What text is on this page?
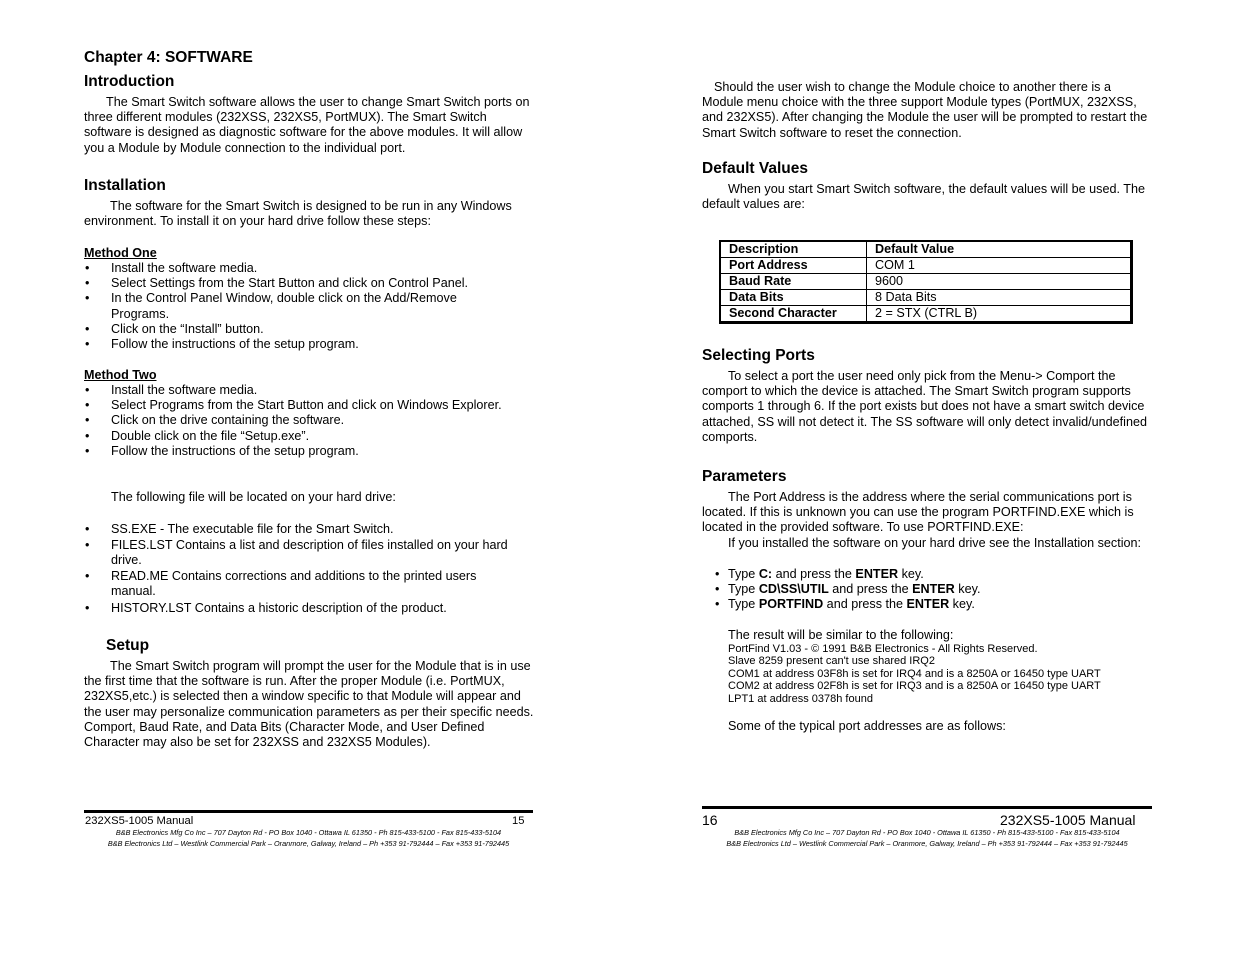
Chapter 4: SOFTWARE
Introduction

The Smart Switch software allows the user to change Smart Switch ports on three different modules (232XSS, 232XS5, PortMUX). The Smart Switch software is designed as diagnostic software for the above modules. It will allow you a Module by Module connection to the individual port.

Installation

The software for the Smart Switch is designed to be run in any Windows environment. To install it on your hard drive follow these steps:

Method One
• Install the software media.
• Select Settings from the Start Button and click on Control Panel.
• In the Control Panel Window, double click on the Add/Remove Programs.
• Click on the “Install” button.
• Follow the instructions of the setup program.
Method Two
• Install the software media.
• Select Programs from the Start Button and click on Windows Explorer.
• Click on the drive containing the software.
• Double click on the file “Setup.exe”.
• Follow the instructions of the setup program.

The following file will be located on your hard drive:

• SS.EXE - The executable file for the Smart Switch.
• FILES.LST Contains a list and description of files installed on your hard drive.
• READ.ME Contains corrections and additions to the printed users manual.
• HISTORY.LST Contains a historic description of the product.
Setup

The Smart Switch program will prompt the user for the Module that is in use the first time that the software is run. After the proper Module (i.e. PortMUX, 232XS5,etc.) is selected then a window specific to that Module will appear and the user may personalize communication parameters as per their specific needs. Comport, Baud Rate, and Data Bits (Character Mode, and User Defined Character may also be set for 232XSS and 232XS5 Modules).

232XS5-1005 Manual	15
B&B Electronics Mfg Co Inc – 707 Dayton Rd - PO Box 1040 - Ottawa IL 61350 - Ph 815-433-5100 - Fax 815-433-5104
B&B Electronics Ltd – Westlink Commercial Park – Oranmore, Galway, Ireland – Ph +353 91-792444 – Fax +353 91-792445

Should the user wish to change the Module choice to another there is a Module menu choice with the three support Module types (PortMUX, 232XSS, and 232XS5). After changing the Module the user will be prompted to restart the Smart Switch software to reset the connection.

Default Values

When you start Smart Switch software, the default values will be used. The default values are:

Description	Default Value
Port Address	COM 1
Baud Rate	9600
Data Bits	8 Data Bits
Second Character	2 = STX (CTRL B)
Selecting Ports

To select a port the user need only pick from the Menu-> Comport the comport to which the device is attached. The Smart Switch program supports comports 1 through 6. If the port exists but does not have a smart switch device attached, SS will not detect it. The SS software will only detect invalid/undefined comports.

Parameters

The Port Address is the address where the serial communications port is located. If this is unknown you can use the program PORTFIND.EXE which is located in the provided software. To use PORTFIND.EXE:

If you installed the software on your hard drive see the Installation section:

• Type C: and press the ENTER key.
• Type CD\SS\UTIL and press the ENTER key.
• Type PORTFIND and press the ENTER key.

The result will be similar to the following:

PortFind V1.03 - © 1991 B&B Electronics - All Rights Reserved.
Slave 8259 present can't use shared IRQ2
COM1 at address 03F8h is set for IRQ4 and is a 8250A or 16450 type UART
COM2 at address 02F8h is set for IRQ3 and is a 8250A or 16450 type UART
LPT1 at address 0378h found

Some of the typical port addresses are as follows:

16	232XS5-1005 Manual
B&B Electronics Mfg Co Inc – 707 Dayton Rd - PO Box 1040 - Ottawa IL 61350 - Ph 815-433-5100 - Fax 815-433-5104
B&B Electronics Ltd – Westlink Commercial Park – Oranmore, Galway, Ireland – Ph +353 91-792444 – Fax +353 91-792445
